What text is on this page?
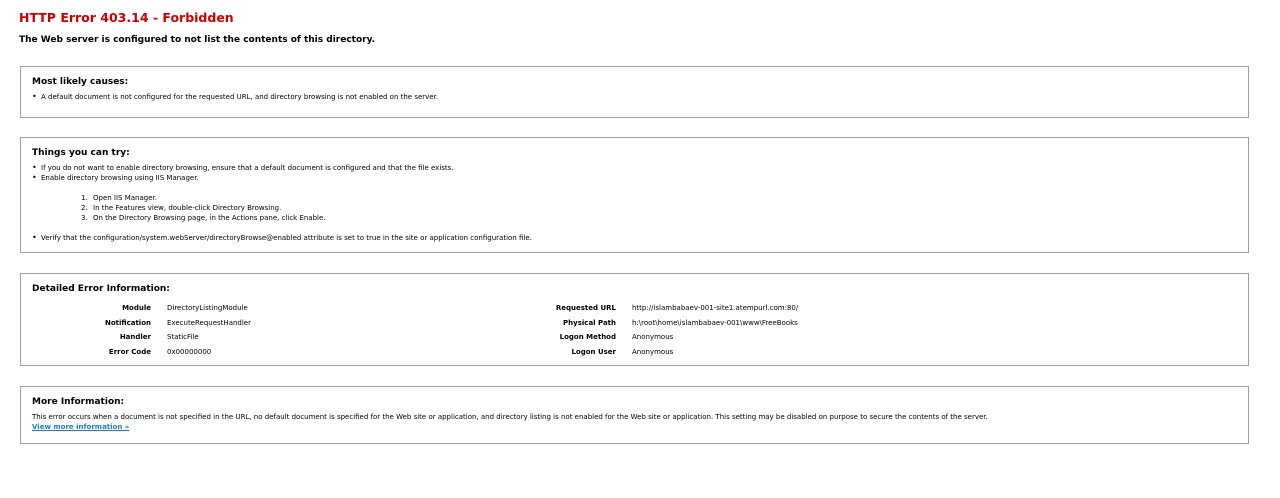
HTTP Error 403.14 - Forbidden
The Web server is configured to not list the contents of this directory.
Most likely causes:
• A default document is not configured for the requested URL, and directory browsing is not enabled on the server.
Things you can try:
• If you do not want to enable directory browsing, ensure that a default document is configured and that the file exists.
• Enable directory browsing using IIS Manager.
1. Open IIS Manager.
2. In the Features view, double-click Directory Browsing.
3. On the Directory Browsing page, in the Actions pane, click Enable.
• Verify that the configuration/system.webServer/directoryBrowse@enabled attribute is set to true in the site or application configuration file.
Detailed Error Information:
Module DirectoryListingModule
Notification ExecuteRequestHandler
Handler StaticFile
Error Code 0x00000000
Requested URL http://islambabaev-001-site1.atempurl.com:80/
Physical Path h:\root\home\islambabaev-001\www\FreeBooks
Logon Method Anonymous
Logon User Anonymous
More Information:

This error occurs when a document is not specified in the URL, no default document is specified for the Web site or application, and directory listing is not enabled for the Web site or application. This setting may be disabled on purpose to secure the contents of the server.

View more information »
